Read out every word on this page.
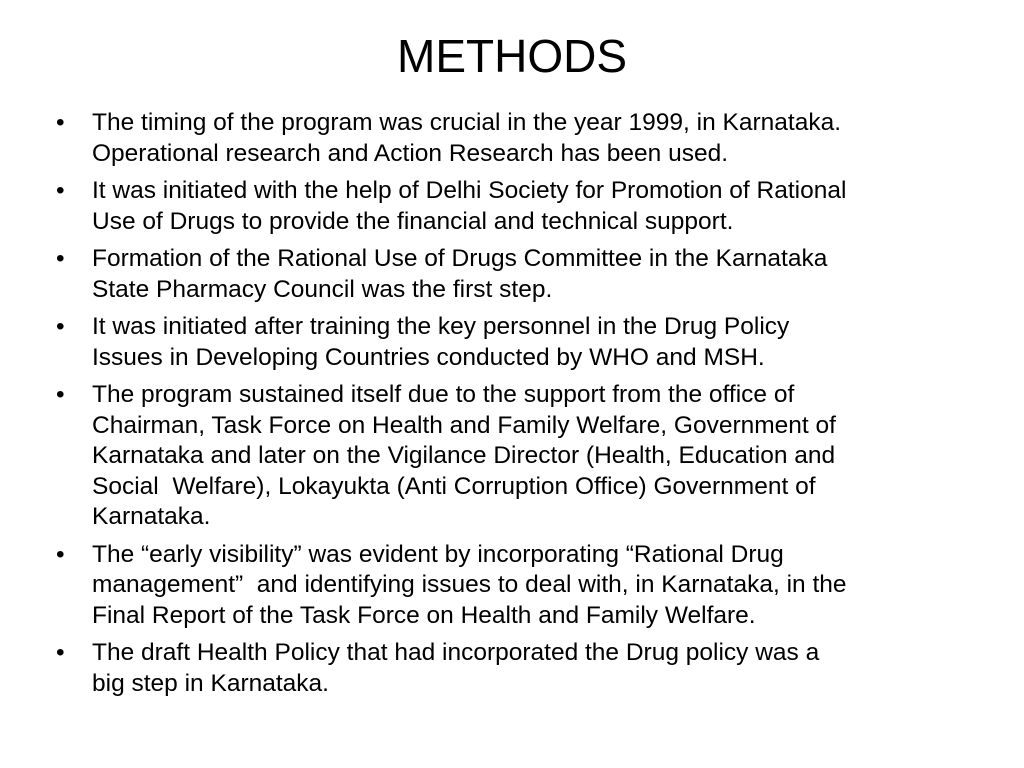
METHODS
•	The timing of the program was crucial in the year 1999, in Karnataka.
Operational research and Action Research has been used.
•	It was initiated with the help of Delhi Society for Promotion of Rational
Use of Drugs to provide the financial and technical support.
•	Formation of the Rational Use of Drugs Committee in the Karnataka
State Pharmacy Council was the first step.
•	It was initiated after training the key personnel in the Drug Policy
Issues in Developing Countries conducted by WHO and MSH.
•	The program sustained itself due to the support from the office of
Chairman, Task Force on Health and Family Welfare, Government of
Karnataka and later on the Vigilance Director (Health, Education and
Social  Welfare), Lokayukta (Anti Corruption Office) Government of
Karnataka.
•	The “early visibility” was evident by incorporating “Rational Drug
management”  and identifying issues to deal with, in Karnataka, in the
Final Report of the Task Force on Health and Family Welfare.
•	The draft Health Policy that had incorporated the Drug policy was a
big step in Karnataka.
